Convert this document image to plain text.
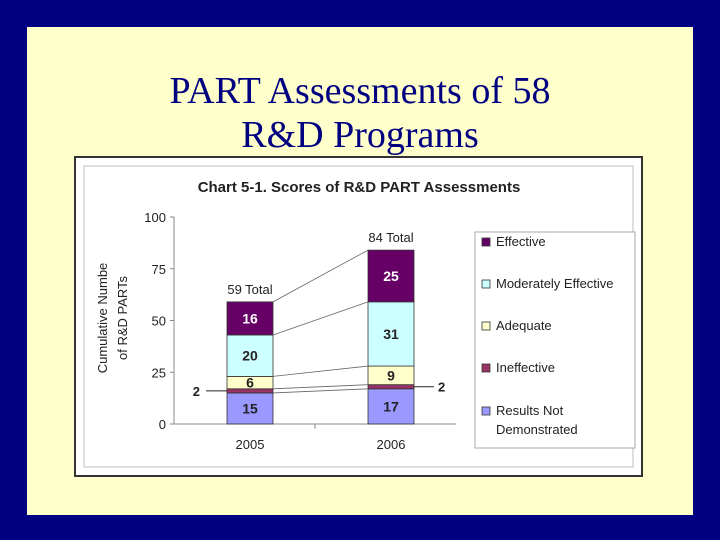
PART Assessments of 58
R&D Programs
Chart 5-1. Scores of R&D PART Assessments
Cumulative Numbe of R&D PARTs
0
25
50
75
100
2005	2006
59 Total
84 Total
15	17
2	2
6	9
20
31
16
25
Effective
Moderately Effective
Adequate
Ineffective
Results Not
Demonstrated
